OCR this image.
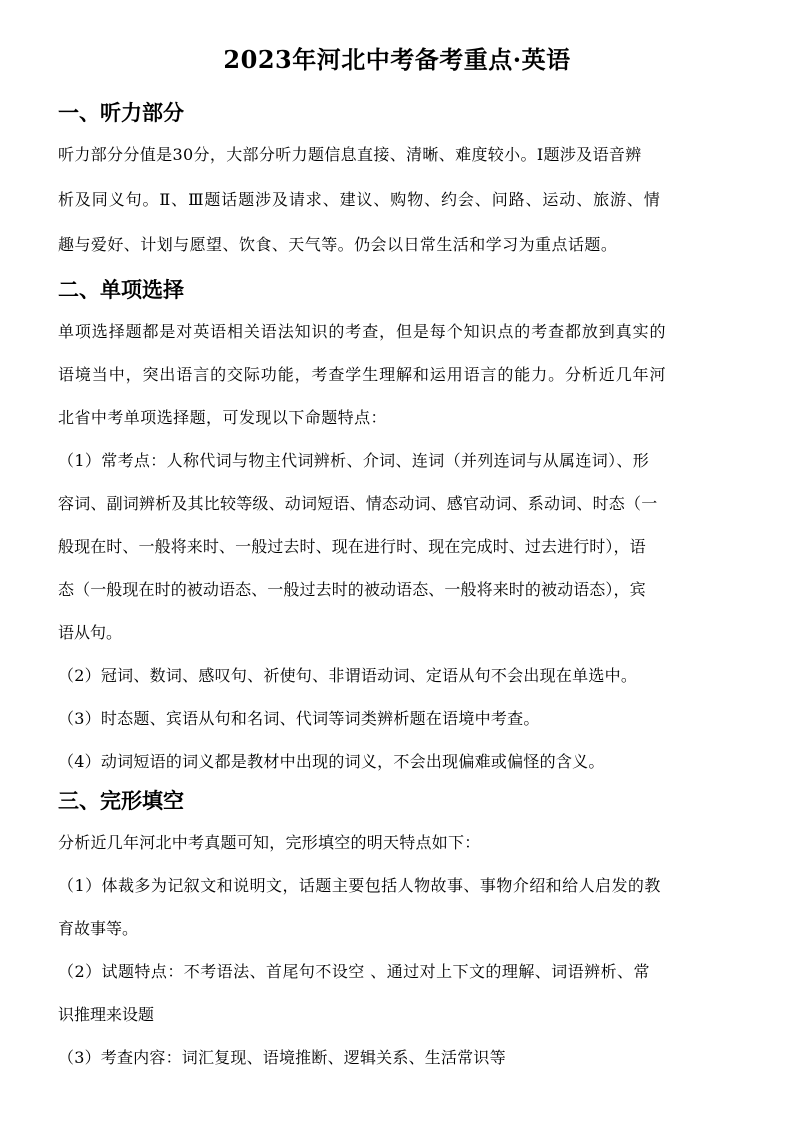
2023年河北中考备考重点·英语
一、听力部分
听力部分分值是30分，大部分听力题信息直接、清晰、难度较小。Ⅰ题涉及语音辨
析及同义句。Ⅱ、Ⅲ题话题涉及请求、建议、购物、约会、问路、运动、旅游、情
趣与爱好、计划与愿望、饮食、天气等。仍会以日常生活和学习为重点话题。
二、单项选择
单项选择题都是对英语相关语法知识的考查，但是每个知识点的考查都放到真实的
语境当中，突出语言的交际功能，考查学生理解和运用语言的能力。分析近几年河
北省中考单项选择题，可发现以下命题特点：
（1）常考点：人称代词与物主代词辨析、介词、连词（并列连词与从属连词）、形
容词、副词辨析及其比较等级、动词短语、情态动词、感官动词、系动词、时态（一
般现在时、一般将来时、一般过去时、现在进行时、现在完成时、过去进行时），语
态（一般现在时的被动语态、一般过去时的被动语态、一般将来时的被动语态），宾
语从句。
（2）冠词、数词、感叹句、祈使句、非谓语动词、定语从句不会出现在单选中。
（3）时态题、宾语从句和名词、代词等词类辨析题在语境中考查。
（4）动词短语的词义都是教材中出现的词义，不会出现偏难或偏怪的含义。
三、完形填空
分析近几年河北中考真题可知，完形填空的明天特点如下：
（1）体裁多为记叙文和说明文，话题主要包括人物故事、事物介绍和给人启发的教
育故事等。
（2）试题特点：不考语法、首尾句不设空 、通过对上下文的理解、词语辨析、常
识推理来设题
（3）考查内容：词汇复现、语境推断、逻辑关系、生活常识等
